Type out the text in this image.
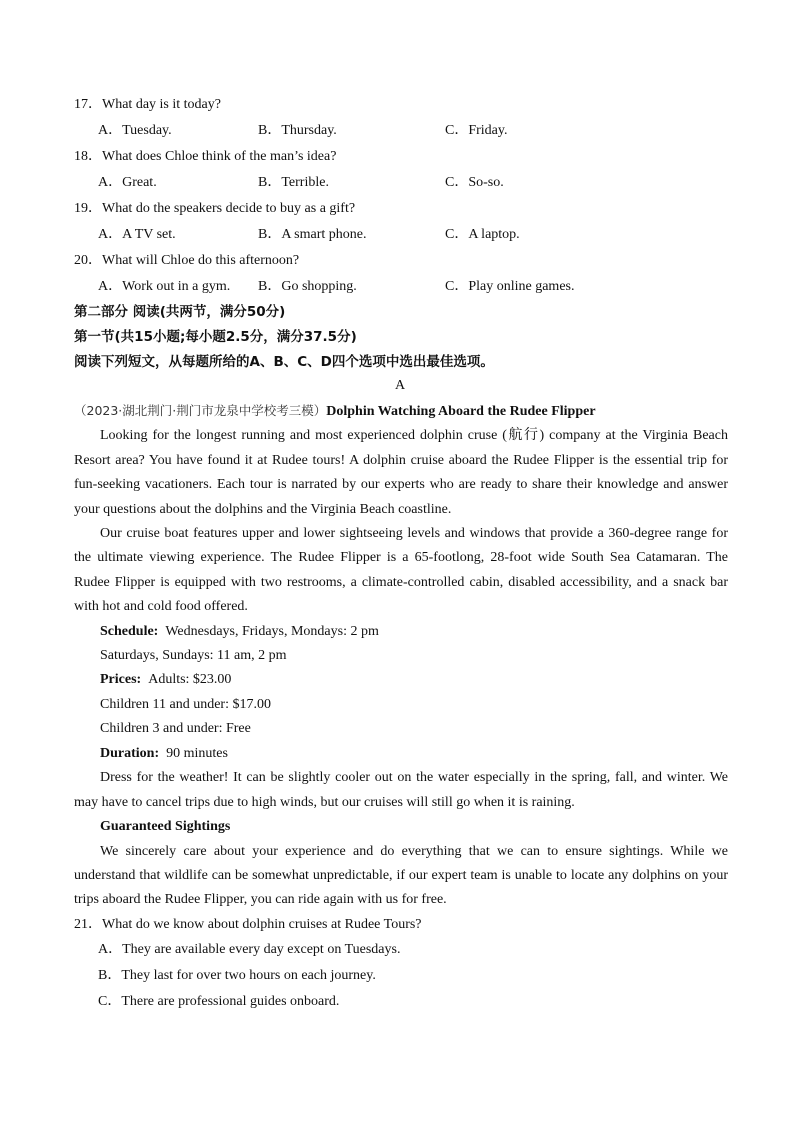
17．What day is it today?
A．Tuesday.	B．Thursday.	C．Friday.
18．What does Chloe think of the man’s idea?
A．Great.	B．Terrible.	C．So-so.
19．What do the speakers decide to buy as a gift?
A．A TV set.	B．A smart phone.	C．A laptop.
20．What will Chloe do this afternoon?
A．Work out in a gym. B．Go shopping.	C．Play online games.
第二部分 阅读(共两节，满分50分)
第一节(共15小题;每小题2.5分，满分37.5分)
阅读下列短文，从每题所给的A、B、C、D四个选项中选出最佳选项。
A
（2023·湖北荆门·荆门市龙泉中学校考三模）Dolphin Watching Aboard the Rudee Flipper
Looking for the longest running and most experienced dolphin cruse (航行) company at the Virginia Beach
Resort area? You have found it at Rudee tours! A dolphin cruise aboard the Rudee Flipper is the essential trip for
fun-seeking vacationers. Each tour is narrated by our experts who are ready to share their knowledge and answer
your questions about the dolphins and the Virginia Beach coastline.
Our cruise boat features upper and lower sightseeing levels and windows that provide a 360-degree range for
the ultimate viewing experience. The Rudee Flipper is a 65-footlong, 28-foot wide South Sea Catamaran. The
Rudee Flipper is equipped with two restrooms, a climate-controlled cabin, disabled accessibility, and a snack bar
with hot and cold food offered.
Schedule: Wednesdays, Fridays, Mondays: 2 pm
Saturdays, Sundays: 11 am, 2 pm
Prices: Adults: $23.00
Children 11 and under: $17.00
Children 3 and under: Free
Duration: 90 minutes
Dress for the weather! It can be slightly cooler out on the water especially in the spring, fall, and winter. We
may have to cancel trips due to high winds, but our cruises will still go when it is raining.
Guaranteed Sightings
We sincerely care about your experience and do everything that we can to ensure sightings. While we
understand that wildlife can be somewhat unpredictable, if our expert team is unable to locate any dolphins on your
trips aboard the Rudee Flipper, you can ride again with us for free.
21．What do we know about dolphin cruises at Rudee Tours?
A．They are available every day except on Tuesdays.
B．They last for over two hours on each journey.
C．There are professional guides onboard.
